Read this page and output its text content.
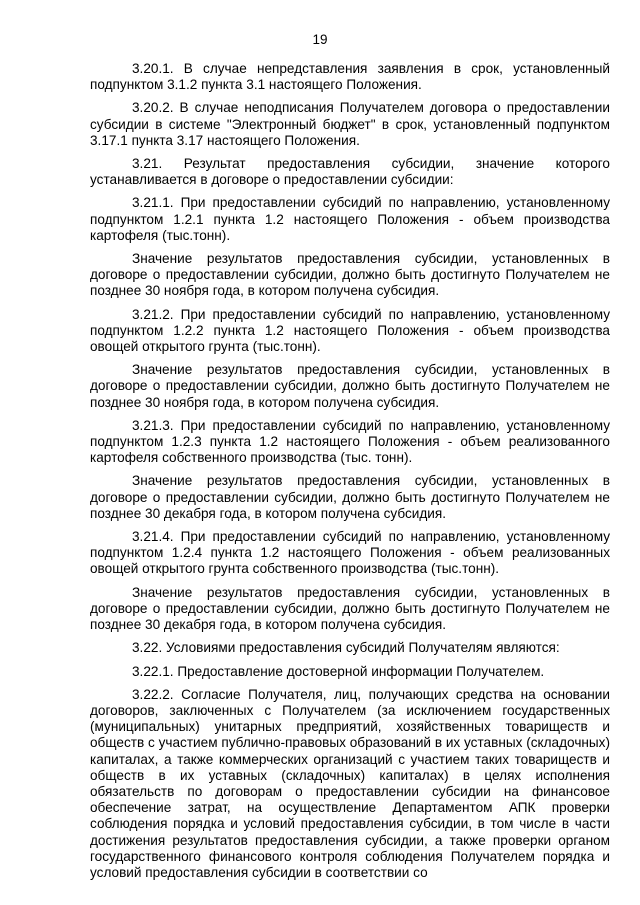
19

3.20.1. В случае непредставления заявления в срок, установленный подпунктом 3.1.2 пункта 3.1 настоящего Положения.

3.20.2. В случае неподписания Получателем договора о предоставлении субсидии в системе "Электронный бюджет" в срок, установленный подпунктом 3.17.1 пункта 3.17 настоящего Положения.

3.21. Результат предоставления субсидии, значение которого устанавливается в договоре о предоставлении субсидии:

3.21.1. При предоставлении субсидий по направлению, установленному подпунктом 1.2.1 пункта 1.2 настоящего Положения - объем производства картофеля (тыс.тонн).

Значение результатов предоставления субсидии, установленных в договоре о предоставлении субсидии, должно быть достигнуто Получателем не позднее 30 ноября года, в котором получена субсидия.

3.21.2. При предоставлении субсидий по направлению, установленному подпунктом 1.2.2 пункта 1.2 настоящего Положения - объем производства овощей открытого грунта (тыс.тонн).

Значение результатов предоставления субсидии, установленных в договоре о предоставлении субсидии, должно быть достигнуто Получателем не позднее 30 ноября года, в котором получена субсидия.

3.21.3. При предоставлении субсидий по направлению, установленному подпунктом 1.2.3 пункта 1.2 настоящего Положения - объем реализованного картофеля собственного производства (тыс. тонн).

Значение результатов предоставления субсидии, установленных в договоре о предоставлении субсидии, должно быть достигнуто Получателем не позднее 30 декабря года, в котором получена субсидия.

3.21.4. При предоставлении субсидий по направлению, установленному подпунктом 1.2.4 пункта 1.2 настоящего Положения - объем реализованных овощей открытого грунта собственного производства (тыс.тонн).

Значение результатов предоставления субсидии, установленных в договоре о предоставлении субсидии, должно быть достигнуто Получателем не позднее 30 декабря года, в котором получена субсидия.

3.22. Условиями предоставления субсидий Получателям являются:

3.22.1. Предоставление достоверной информации Получателем.

3.22.2. Согласие Получателя, лиц, получающих средства на основании договоров, заключенных с Получателем (за исключением государственных (муниципальных) унитарных предприятий, хозяйственных товариществ и обществ с участием публично-правовых образований в их уставных (складочных) капиталах, а также коммерческих организаций с участием таких товариществ и обществ в их уставных (складочных) капиталах) в целях исполнения обязательств по договорам о предоставлении субсидии на финансовое обеспечение затрат, на осуществление Департаментом АПК проверки соблюдения порядка и условий предоставления субсидии, в том числе в части достижения результатов предоставления субсидии, а также проверки органом государственного финансового контроля соблюдения Получателем порядка и условий предоставления субсидии в соответствии со
